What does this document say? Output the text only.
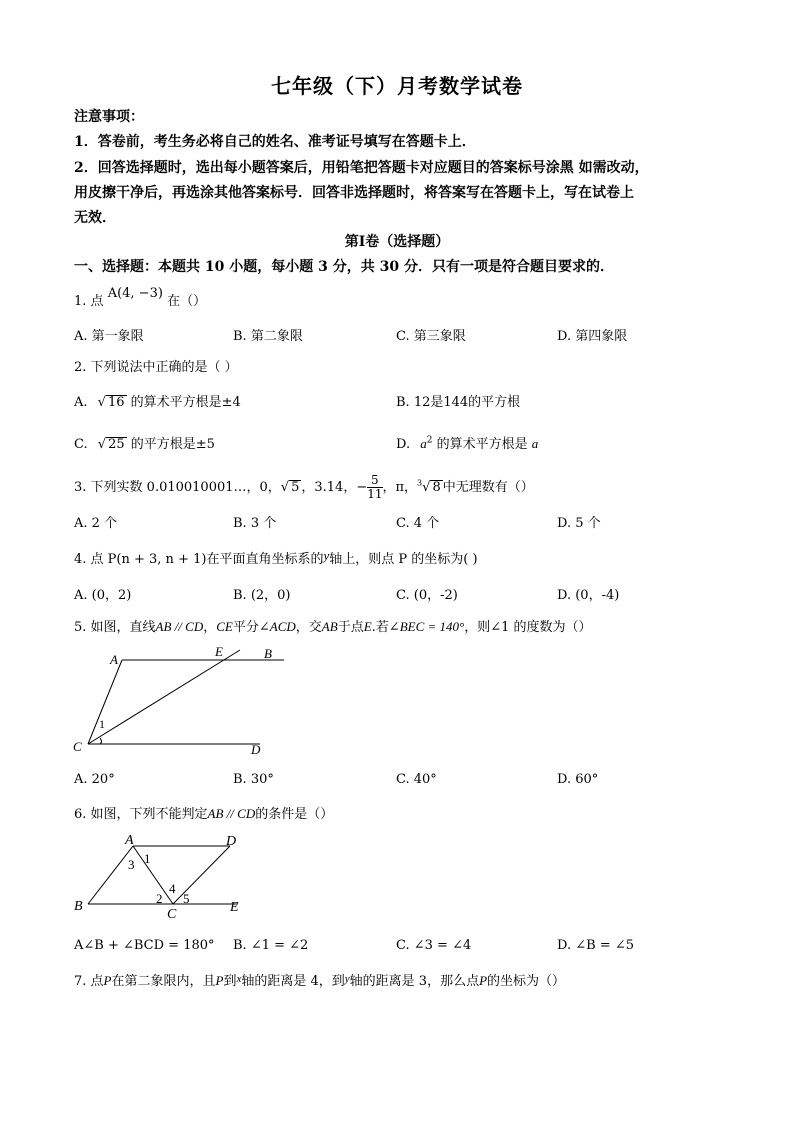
七年级（下）月考数学试卷
注意事项：
1．答卷前，考生务必将自己的姓名、准考证号填写在答题卡上．
2．回答选择题时，选出每小题答案后，用铅笔把答题卡对应题目的答案标号涂黑 如需改动，
用皮擦干净后，再选涂其他答案标号．回答非选择题时，将答案写在答题卡上，写在试卷上
无效．
第Ⅰ卷（选择题）
一、选择题：本题共 10 小题，每小题 3 分，共 30 分．只有一项是符合题目要求的．
1. 点 A(4, −3) 在（）
A. 第一象限	B. 第二象限	C. 第三象限	D. 第四象限
2. 下列说法中正确的是（ ）
A. √ 16 的算术平方根是±4	B. 12是144的平方根
C. √ 25 的平方根是±5	D. $a^2$ 的算术平方根是 a
3. 下列实数 0.010010001…，0，√ 5 ，3.14，− $\frac{5}{11}$ ，π，$^3$√ 8 中无理数有（）
A. 2 个	B. 3 个	C. 4 个	D. 5 个
4. 点 P(n + 3, n + 1)在平面直角坐标系的y轴上，则点 P 的坐标为( )
A. (0，2)	B. (2，0)	C. (0，-2)	D. (0，-4)
5. 如图，直线AB // CD，CE平分∠ACD，交AB于点E.若∠BEC = 140°，则∠1 的度数为（）
A
E	B
C	D
1
A. 20°	B. 30°	C. 40°	D. 60°
6. 如图，下列不能判定AB // CD的条件是（）
A	D
B
C	E
1
3
2
4
5
A∠B + ∠BCD = 180° B. ∠1 = ∠2	C. ∠3 = ∠4	D. ∠B = ∠5
7. 点P在第二象限内，且P到$^x$轴的距离是 4，到$^y$轴的距离是 3，那么点P的坐标为（）
